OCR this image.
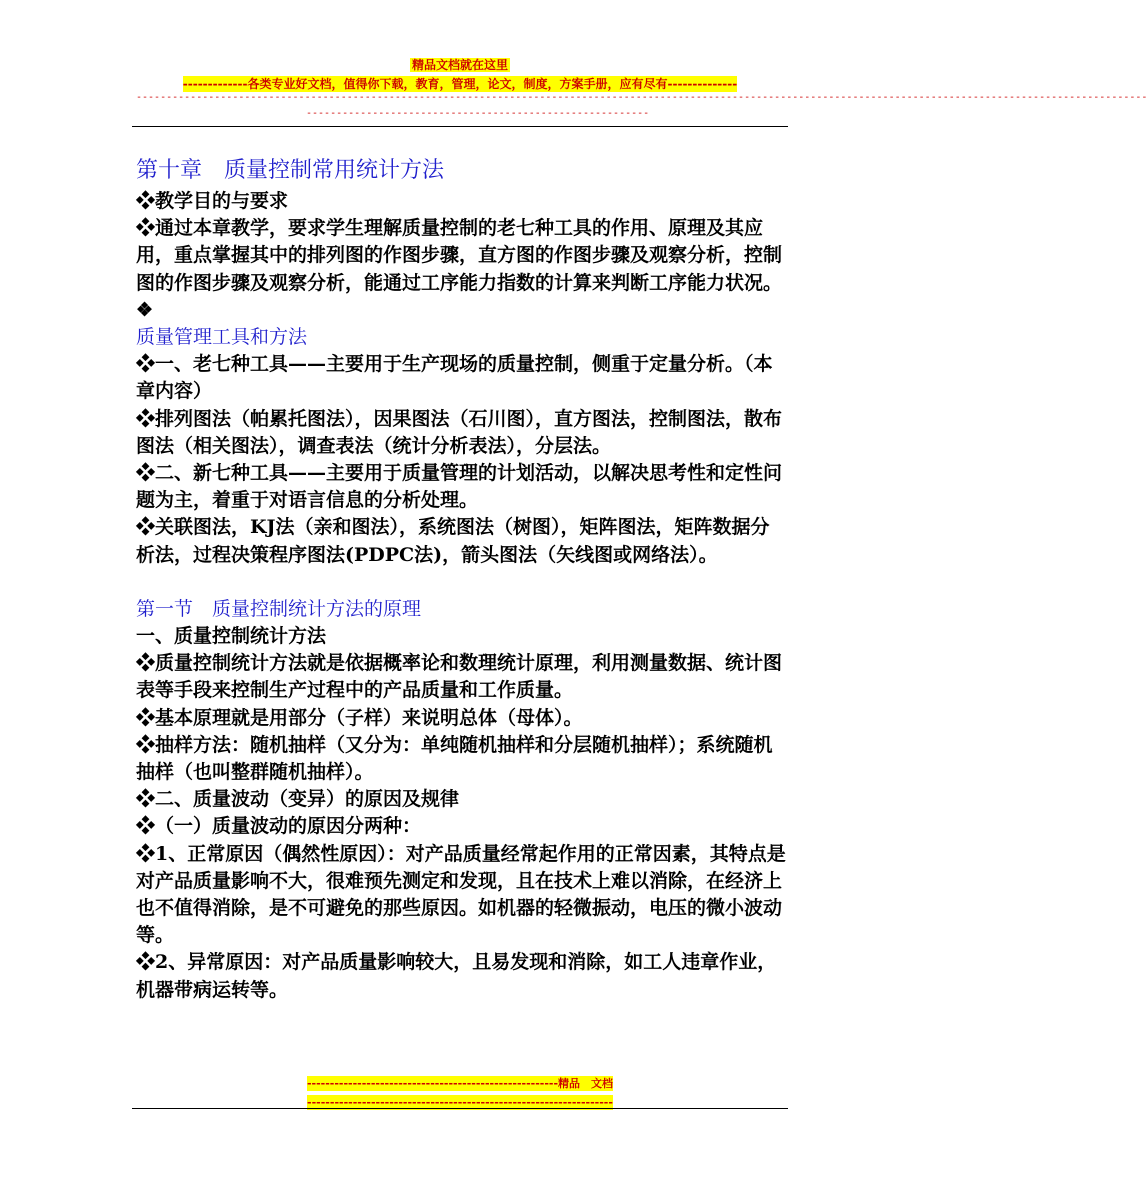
精品文档就在这里
-------------各类专业好文档，值得你下载，教育，管理，论文，制度，方案手册，应有尽有--------------
------------------------------------------------------------------------------------------------------------------------------------------------------------------------
---------------------------------------------------------

第十章　质量控制常用统计方法

❖教学目的与要求

❖通过本章教学，要求学生理解质量控制的老七种工具的作用、原理及其应用，重点掌握其中的排列图的作图步骤，直方图的作图步骤及观察分析，控制图的作图步骤及观察分析，能通过工序能力指数的计算来判断工序能力状况。

❖

质量管理工具和方法

❖一、老七种工具——主要用于生产现场的质量控制，侧重于定量分析。（本章内容）

❖排列图法（帕累托图法），因果图法（石川图），直方图法，控制图法，散布图法（相关图法），调查表法（统计分析表法），分层法。

❖二、新七种工具——主要用于质量管理的计划活动，以解决思考性和定性问题为主，着重于对语言信息的分析处理。

❖关联图法，KJ法（亲和图法），系统图法（树图），矩阵图法，矩阵数据分析法，过程决策程序图法(PDPC法)，箭头图法（矢线图或网络法）。

第一节　质量控制统计方法的原理

一、质量控制统计方法

❖质量控制统计方法就是依据概率论和数理统计原理，利用测量数据、统计图表等手段来控制生产过程中的产品质量和工作质量。

❖基本原理就是用部分（子样）来说明总体（母体）。

❖抽样方法：随机抽样（又分为：单纯随机抽样和分层随机抽样）；系统随机抽样（也叫整群随机抽样）。

❖二、质量波动（变异）的原因及规律

❖（一）质量波动的原因分两种：

❖1、正常原因（偶然性原因）：对产品质量经常起作用的正常因素，其特点是对产品质量影响不大，很难预先测定和发现，且在技术上难以消除，在经济上也不值得消除，是不可避免的那些原因。如机器的轻微振动，电压的微小波动等。

❖2、异常原因：对产品质量影响较大，且易发现和消除，如工人违章作业，机器带病运转等。

-------------------------------------------------------精品　文档
-------------------------------------------------------------------
